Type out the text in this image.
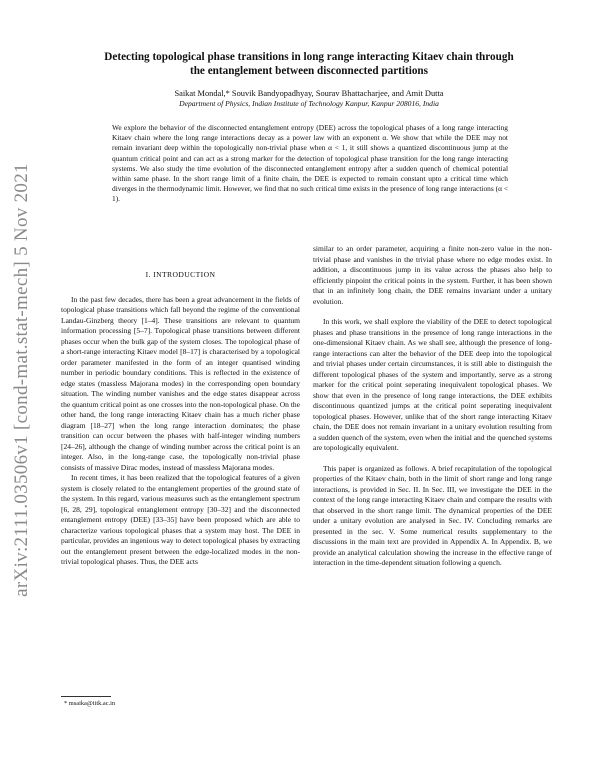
arXiv:2111.03506v1 [cond-mat.stat-mech] 5 Nov 2021
Detecting topological phase transitions in long range interacting Kitaev chain through
the entanglement between disconnected partitions
Saikat Mondal,* Souvik Bandyopadhyay, Sourav Bhattacharjee, and Amit Dutta
Department of Physics, Indian Institute of Technology Kanpur, Kanpur 208016, India
We explore the behavior of the disconnected entanglement entropy (DEE) across the topological phases of a long range interacting Kitaev chain where the long range interactions decay as a power law with an exponent α. We show that while the DEE may not remain invariant deep within the topologically non-trivial phase when α < 1, it still shows a quantized discontinuous jump at the quantum critical point and can act as a strong marker for the detection of topological phase transition for the long range interacting systems. We also study the time evolution of the disconnected entanglement entropy after a sudden quench of chemical potential within same phase. In the short range limit of a finite chain, the DEE is expected to remain constant upto a critical time which diverges in the thermodynamic limit. However, we find that no such critical time exists in the presence of long range interactions (α < 1).
I. INTRODUCTION

In the past few decades, there has been a great advancement in the fields of topological phase transitions which fall beyond the regime of the conventional Landau-Ginzberg theory [1–4]. These transitions are relevant to quantum information processing [5–7]. Topological phase transitions between different phases occur when the bulk gap of the system closes. The topological phase of a short-range interacting Kitaev model [8–17] is characterised by a topological order parameter manifested in the form of an integer quantised winding number in periodic boundary conditions. This is reflected in the existence of edge states (massless Majorana modes) in the corresponding open boundary situation. The winding number vanishes and the edge states disappear across the quantum critical point as one crosses into the non-topological phase. On the other hand, the long range interacting Kitaev chain has a much richer phase diagram [18–27] when the long range interaction dominates; the phase transition can occur between the phases with half-integer winding numbers [24–26], although the change of winding number across the critical point is an integer. Also, in the long-range case, the topologically non-trivial phase consists of massive Dirac modes, instead of massless Majorana modes.

In recent times, it has been realized that the topological features of a given system is closely related to the entanglement properties of the ground state of the system. In this regard, various measures such as the entanglement spectrum [6, 28, 29], topological entanglement entropy [30–32] and the disconnected entanglement entropy (DEE) [33–35] have been proposed which are able to characterize various topological phases that a system may host. The DEE in particular, provides an ingenious way to detect topological phases by extracting out the entanglement present between the edge-localized modes in the non-trivial topological phases. Thus, the DEE acts

similar to an order parameter, acquiring a finite non-zero value in the non-trivial phase and vanishes in the trivial phase where no edge modes exist. In addition, a discontinuous jump in its value across the phases also help to efficiently pinpoint the critical points in the system. Further, it has been shown that in an infinitely long chain, the DEE remains invariant under a unitary evolution.

In this work, we shall explore the viability of the DEE to detect topological phases and phase transitions in the presence of long range interactions in the one-dimensional Kitaev chain. As we shall see, although the presence of long-range interactions can alter the behavior of the DEE deep into the topological and trivial phases under certain circumstances, it is still able to distinguish the different topological phases of the system and importantly, serve as a strong marker for the critical point seperating inequivalent topological phases. We show that even in the presence of long range interactions, the DEE exhibits discontinuous quantized jumps at the critical point seperating inequivalent topological phases. However, unlike that of the short range interacting Kitaev chain, the DEE does not remain invariant in a unitary evolution resulting from a sudden quench of the system, even when the initial and the quenched systems are topologically equivalent.

This paper is organized as follows. A brief recapitulation of the topological properties of the Kitaev chain, both in the limit of short range and long range interactions, is provided in Sec. II. In Sec. III, we investigate the DEE in the context of the long range interacting Kitaev chain and compare the results with that observed in the short range limit. The dynamical properties of the DEE under a unitary evolution are analysed in Sec. IV. Concluding remarks are presented in the sec. V. Some numerical results supplementary to the discussions in the main text are provided in Appendix A. In Appendix. B, we provide an analytical calculation showing the increase in the effective range of interaction in the time-dependent situation following a quench.

* msaika@iitk.ac.in
